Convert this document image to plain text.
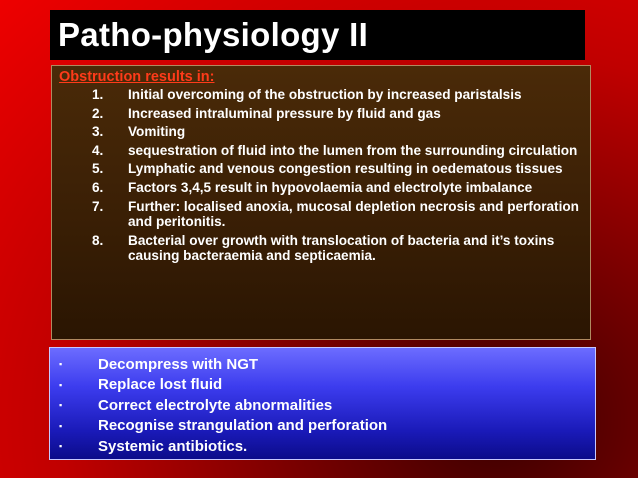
Patho-physiology II
Obstruction results in:
1.	Initial overcoming of the obstruction by increased paristalsis
2.	Increased intraluminal pressure by fluid and gas
3.	Vomiting
4.	sequestration of fluid into the lumen from the surrounding circulation
5.	Lymphatic and venous congestion resulting in oedematous tissues
6.	Factors 3,4,5 result in hypovolaemia and electrolyte imbalance
7.	Further: localised anoxia, mucosal depletion necrosis and perforation and peritonitis.
8.	Bacterial over growth with translocation of bacteria and it’s toxins causing bacteraemia and septicaemia.
▪	Decompress with NGT
▪	Replace lost fluid
▪	Correct electrolyte abnormalities
▪	Recognise strangulation and perforation
▪	Systemic antibiotics.
